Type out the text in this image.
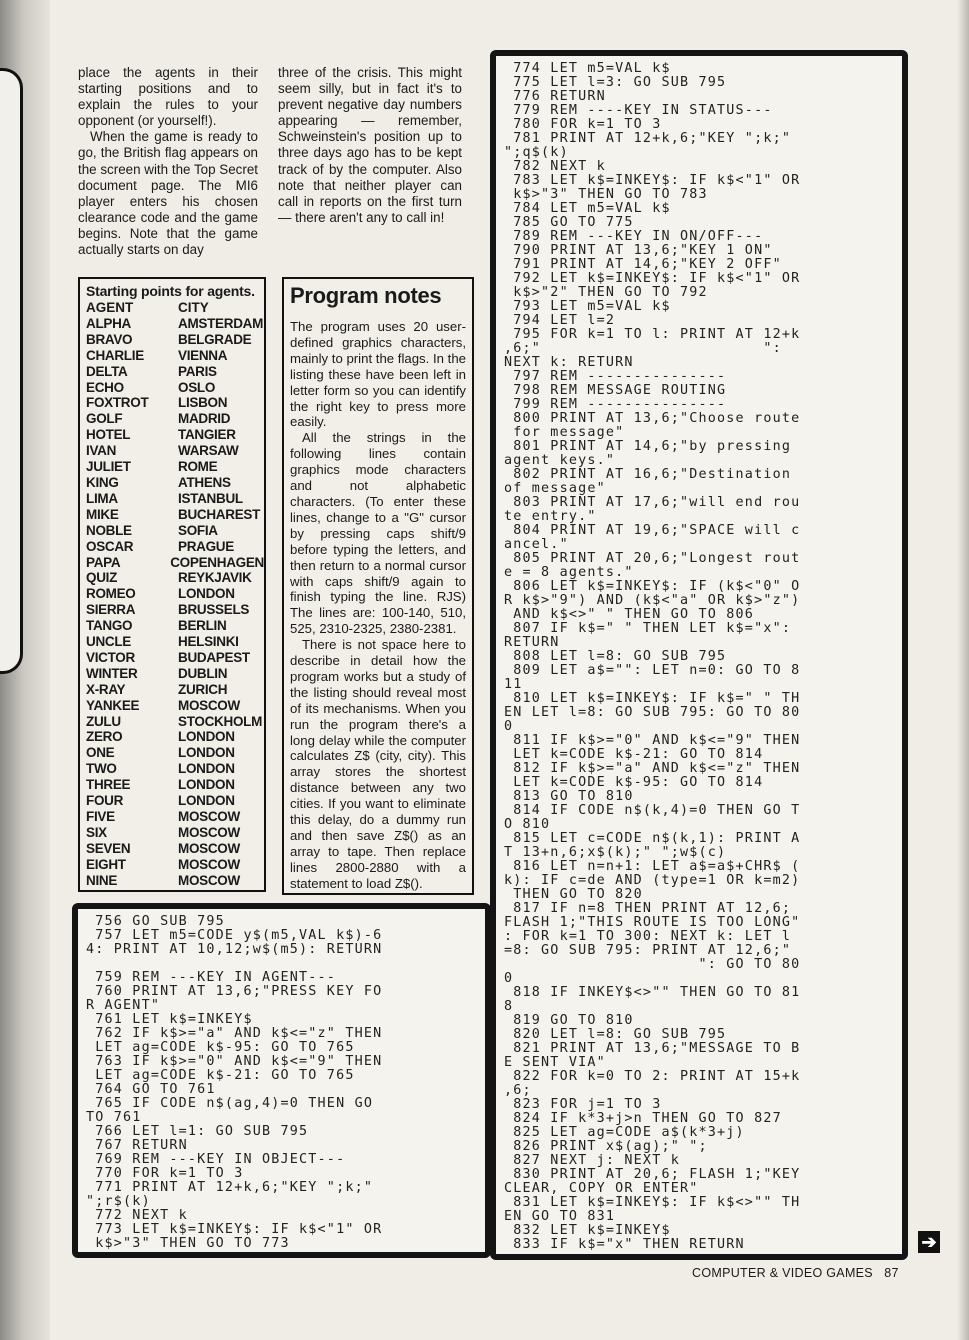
place the agents in their starting positions and to explain the rules to your opponent (or yourself!).

When the game is ready to go, the British flag appears on the screen with the Top Secret document page. The MI6 player enters his chosen clearance code and the game begins. Note that the game actually starts on day

three of the crisis. This might seem silly, but in fact it's to prevent negative day numbers appearing — remember, Schweinstein's position up to three days ago has to be kept track of by the computer. Also note that neither player can call in reports on the first turn — there aren't any to call in!

Starting points for agents.
AGENT	CITY
ALPHA	AMSTERDAM
BRAVO	BELGRADE
CHARLIE	VIENNA
DELTA	PARIS
ECHO	OSLO
FOXTROT	LISBON
GOLF	MADRID
HOTEL	TANGIER
IVAN	WARSAW
JULIET	ROME
KING	ATHENS
LIMA	ISTANBUL
MIKE	BUCHAREST
NOBLE	SOFIA
OSCAR	PRAGUE
PAPA	COPENHAGEN
QUIZ	REYKJAVIK
ROMEO	LONDON
SIERRA	BRUSSELS
TANGO	BERLIN
UNCLE	HELSINKI
VICTOR	BUDAPEST
WINTER	DUBLIN
X-RAY	ZURICH
YANKEE	MOSCOW
ZULU	STOCKHOLM
ZERO	LONDON
ONE	LONDON
TWO	LONDON
THREE	LONDON
FOUR	LONDON
FIVE	MOSCOW
SIX	MOSCOW
SEVEN	MOSCOW
EIGHT	MOSCOW
NINE	MOSCOW
Program notes

The program uses 20 user-defined graphics characters, mainly to print the flags. In the listing these have been left in letter form so you can identify the right key to press more easily.

All the strings in the following lines contain graphics mode characters and not alphabetic characters. (To enter these lines, change to a "G" cursor by pressing caps shift/9 before typing the letters, and then return to a normal cursor with caps shift/9 again to finish typing the line. RJS) The lines are: 100-140, 510, 525, 2310-2325, 2380-2381.

There is not space here to describe in detail how the program works but a study of the listing should reveal most of its mechanisms. When you run the program there's a long delay while the computer calculates Z$ (city, city). This array stores the shortest distance between any two cities. If you want to eliminate this delay, do a dummy run and then save Z$() as an array to tape. Then replace lines 2800-2880 with a statement to load Z$().

756 GO SUB 795
757 LET m5=CODE y$(m5,VAL k$)-6
4: PRINT AT 10,12;w$(m5): RETURN

759 REM ---KEY IN AGENT---
760 PRINT AT 13,6;"PRESS KEY FO
R AGENT"
761 LET k$=INKEY$
762 IF k$>="a" AND k$<="z" THEN
LET ag=CODE k$-95: GO TO 765
763 IF k$>="0" AND k$<="9" THEN
LET ag=CODE k$-21: GO TO 765
764 GO TO 761
765 IF CODE n$(ag,4)=0 THEN GO
TO 761
766 LET l=1: GO SUB 795
767 RETURN
769 REM ---KEY IN OBJECT---
770 FOR k=1 TO 3
771 PRINT AT 12+k,6;"KEY ";k;"
";r$(k)
772 NEXT k
773 LET k$=INKEY$: IF k$<"1" OR
k$>"3" THEN GO TO 773
774 LET m5=VAL k$
775 LET l=3: GO SUB 795
776 RETURN
779 REM ----KEY IN STATUS---
780 FOR k=1 TO 3
781 PRINT AT 12+k,6;"KEY ";k;"
";q$(k)
782 NEXT k
783 LET k$=INKEY$: IF k$<"1" OR
k$>"3" THEN GO TO 783
784 LET m5=VAL k$
785 GO TO 775
789 REM ---KEY IN ON/OFF---
790 PRINT AT 13,6;"KEY 1 ON"
791 PRINT AT 14,6;"KEY 2 OFF"
792 LET k$=INKEY$: IF k$<"1" OR
k$>"2" THEN GO TO 792
793 LET m5=VAL k$
794 LET l=2
795 FOR k=1 TO l: PRINT AT 12+k
,6;"                        ":
NEXT k: RETURN
797 REM ---------------
798 REM MESSAGE ROUTING
799 REM ---------------
800 PRINT AT 13,6;"Choose route
for message"
801 PRINT AT 14,6;"by pressing
agent keys."
802 PRINT AT 16,6;"Destination
of message"
803 PRINT AT 17,6;"will end rou
te entry."
804 PRINT AT 19,6;"SPACE will c
ancel."
805 PRINT AT 20,6;"Longest rout
e = 8 agents."
806 LET k$=INKEY$: IF (k$<"0" O
R k$>"9") AND (k$<"a" OR k$>"z")
AND k$<>" " THEN GO TO 806
807 IF k$=" " THEN LET k$="x":
RETURN
808 LET l=8: GO SUB 795
809 LET a$="": LET n=0: GO TO 8
11
810 LET k$=INKEY$: IF k$=" " TH
EN LET l=8: GO SUB 795: GO TO 80
0
811 IF k$>="0" AND k$<="9" THEN
LET k=CODE k$-21: GO TO 814
812 IF k$>="a" AND k$<="z" THEN
LET k=CODE k$-95: GO TO 814
813 GO TO 810
814 IF CODE n$(k,4)=0 THEN GO T
O 810
815 LET c=CODE n$(k,1): PRINT A
T 13+n,6;x$(k);" ";w$(c)
816 LET n=n+1: LET a$=a$+CHR$ (
k): IF c=de AND (type=1 OR k=m2)
THEN GO TO 820
817 IF n=8 THEN PRINT AT 12,6;
FLASH 1;"THIS ROUTE IS TOO LONG"
: FOR k=1 TO 300: NEXT k: LET l
=8: GO SUB 795: PRINT AT 12,6;"
": GO TO 80
0
818 IF INKEY$<>"" THEN GO TO 81
8
819 GO TO 810
820 LET l=8: GO SUB 795
821 PRINT AT 13,6;"MESSAGE TO B
E SENT VIA"
822 FOR k=0 TO 2: PRINT AT 15+k
,6;
823 FOR j=1 TO 3
824 IF k*3+j>n THEN GO TO 827
825 LET ag=CODE a$(k*3+j)
826 PRINT x$(ag);" ";
827 NEXT j: NEXT k
830 PRINT AT 20,6; FLASH 1;"KEY
CLEAR, COPY OR ENTER"
831 LET k$=INKEY$: IF k$<>"" TH
EN GO TO 831
832 LET k$=INKEY$
833 IF k$="x" THEN RETURN	➔
COMPUTER & VIDEO GAMES 87
